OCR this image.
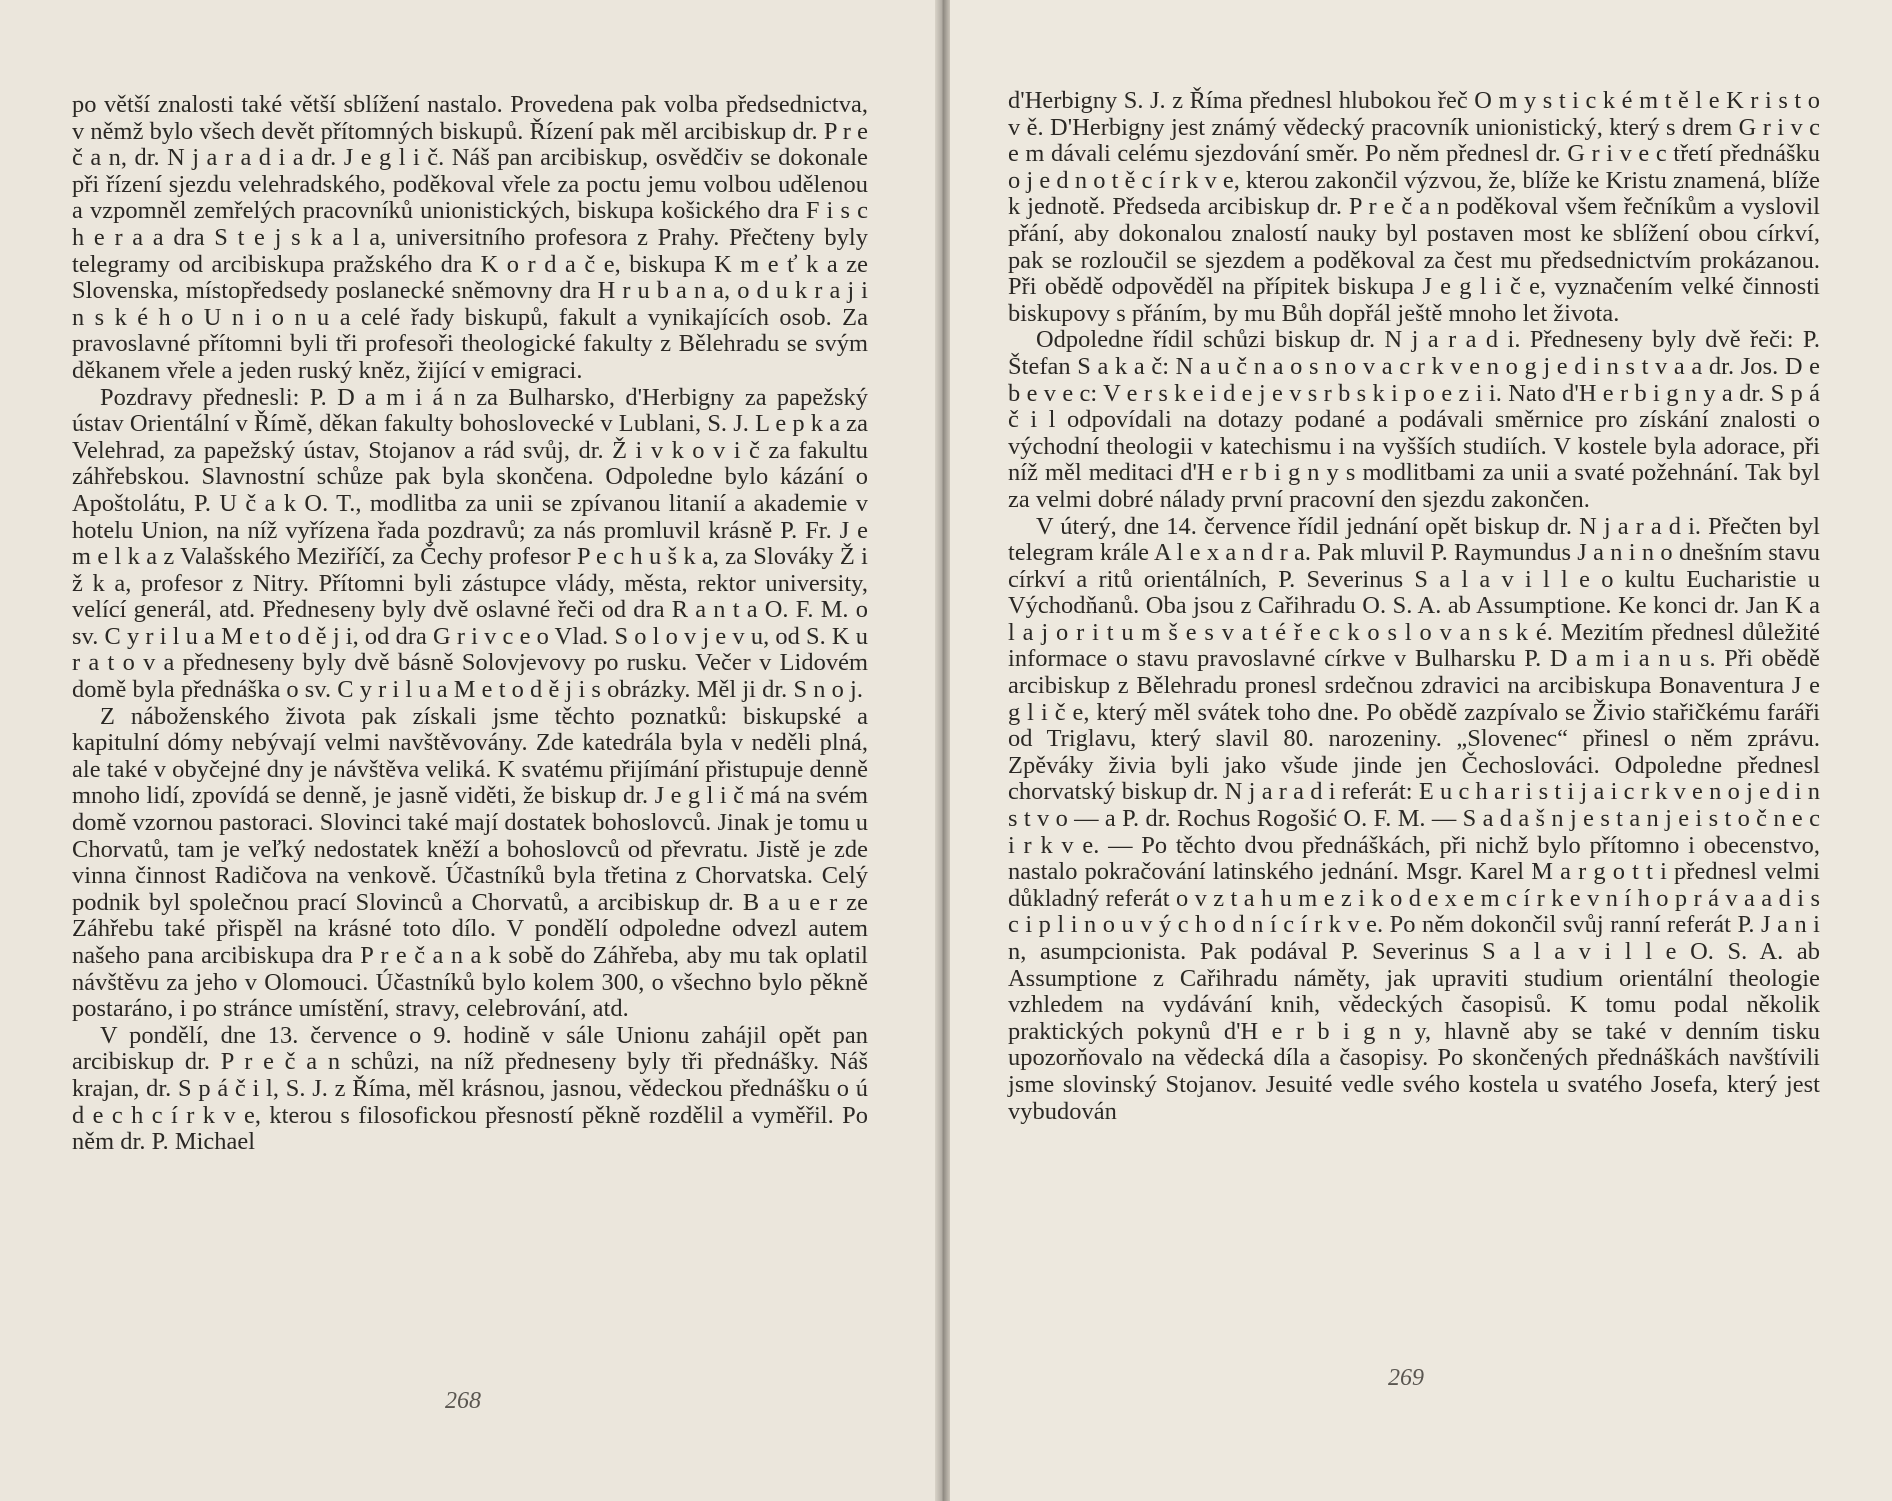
po větší znalosti také větší sblížení nastalo. Provedena pak volba předsednictva, v němž bylo všech devět přítomných biskupů. Řízení pak měl arcibiskup dr. P r e č a n, dr. N j a r a d i a dr. J e g l i č. Náš pan arcibiskup, osvědčiv se dokonale při řízení sjezdu velehradského, poděkoval vřele za poctu jemu volbou udělenou a vzpomněl zemřelých pracovníků unionistických, biskupa košického dra F i s c h e r a a dra S t e j s k a l a, universitního profesora z Prahy. Přečteny byly telegramy od arcibiskupa pražského dra K o r d a č e, biskupa K m e ť k a ze Slovenska, místopředsedy poslanecké sněmovny dra H r u b a n a, o d u k r a j i n s k é h o U n i o n u a celé řady biskupů, fakult a vynikajících osob. Za pravoslavné přítomni byli tři profesoři theologické fakulty z Bělehradu se svým děkanem vřele a jeden ruský kněz, žijící v emigraci.

Pozdravy přednesli: P. D a m i á n za Bulharsko, d'Herbigny za papežský ústav Orientální v Římě, děkan fakulty bohoslovecké v Lublani, S. J. L e p k a za Velehrad, za papežský ústav, Stojanov a rád svůj, dr. Ž i v k o v i č za fakultu záhřebskou. Slavnostní schůze pak byla skončena. Odpoledne bylo kázání o Apoštolátu, P. U č a k O. T., modlitba za unii se zpívanou litanií a akademie v hotelu Union, na níž vyřízena řada pozdravů; za nás promluvil krásně P. Fr. J e m e l k a z Valašského Meziříčí, za Čechy profesor P e c h u š k a, za Slováky Ž i ž k a, profesor z Nitry. Přítomni byli zástupce vlády, města, rektor university, velící generál, atd. Předneseny byly dvě oslavné řeči od dra R a n t a O. F. M. o sv. C y r i l u a M e t o d ě j i, od dra G r i v c e o Vlad. S o l o v j e v u, od S. K u r a t o v a předneseny byly dvě básně Solovjevovy po rusku. Večer v Lidovém domě byla přednáška o sv. C y r i l u a M e t o d ě j i s obrázky. Měl ji dr. S n o j.

Z náboženského života pak získali jsme těchto poznatků: biskupské a kapitulní dómy nebývají velmi navštěvovány. Zde katedrála byla v neděli plná, ale také v obyčejné dny je návštěva veliká. K svatému přijímání přistupuje denně mnoho lidí, zpovídá se denně, je jasně viděti, že biskup dr. J e g l i č má na svém domě vzornou pastoraci. Slovinci také mají dostatek bohoslovců. Jinak je tomu u Chorvatů, tam je veľký nedostatek kněží a bohoslovců od převratu. Jistě je zde vinna činnost Radičova na venkově. Účastníků byla třetina z Chorvatska. Celý podnik byl společnou prací Slovinců a Chorvatů, a arcibiskup dr. B a u e r ze Záhřebu také přispěl na krásné toto dílo. V pondělí odpoledne odvezl autem našeho pana arcibiskupa dra P r e č a n a k sobě do Záhřeba, aby mu tak oplatil návštěvu za jeho v Olomouci. Účastníků bylo kolem 300, o všechno bylo pěkně postaráno, i po stránce umístění, stravy, celebrování, atd.

V pondělí, dne 13. července o 9. hodině v sále Unionu zahájil opět pan arcibiskup dr. P r e č a n schůzi, na níž předneseny byly tři přednášky. Náš krajan, dr. S p á č i l, S. J. z Říma, měl krásnou, jasnou, vědeckou přednášku o ú d e c h c í r k v e, kterou s filosofickou přesností pěkně rozdělil a vyměřil. Po něm dr. P. Michael

268

d'Herbigny S. J. z Říma přednesl hlubokou řeč O m y s t i c k é m t ě l e K r i s t o v ě. D'Herbigny jest známý vědecký pracovník unionistický, který s drem G r i v c e m dávali celému sjezdování směr. Po něm přednesl dr. G r i v e c třetí přednášku o j e d n o t ě c í r k v e, kterou zakončil výzvou, že, blíže ke Kristu znamená, blíže k jednotě. Předseda arcibiskup dr. P r e č a n poděkoval všem řečníkům a vyslovil přání, aby dokonalou znalostí nauky byl postaven most ke sblížení obou církví, pak se rozloučil se sjezdem a poděkoval za čest mu předsednictvím prokázanou. Při obědě odpověděl na přípitek biskupa J e g l i č e, vyznačením velké činnosti biskupovy s přáním, by mu Bůh dopřál ještě mnoho let života.

Odpoledne řídil schůzi biskup dr. N j a r a d i. Předneseny byly dvě řeči: P. Štefan S a k a č: N a u č n a o s n o v a c r k v e n o g j e d i n s t v a a dr. Jos. D e b e v e c: V e r s k e i d e j e v s r b s k i p o e z i i. Nato d'H e r b i g n y a dr. S p á č i l odpovídali na dotazy podané a podávali směrnice pro získání znalosti o východní theologii v katechismu i na vyšších studiích. V kostele byla adorace, při níž měl meditaci d'H e r b i g n y s modlitbami za unii a svaté požehnání. Tak byl za velmi dobré nálady první pracovní den sjezdu zakončen.

V úterý, dne 14. července řídil jednání opět biskup dr. N j a r a d i. Přečten byl telegram krále A l e x a n d r a. Pak mluvil P. Raymundus J a n i n o dnešním stavu církví a ritů orientálních, P. Severinus S a l a v i l l e o kultu Eucharistie u Východňanů. Oba jsou z Cařihradu O. S. A. ab Assumptione. Ke konci dr. Jan K a l a j o r i t u m š e s v a t é ř e c k o s l o v a n s k é. Mezitím přednesl důležité informace o stavu pravoslavné církve v Bulharsku P. D a m i a n u s. Při obědě arcibiskup z Bělehradu pronesl srdečnou zdravici na arcibiskupa Bonaventura J e g l i č e, který měl svátek toho dne. Po obědě zazpívalo se Živio stařičkému faráři od Triglavu, který slavil 80. narozeniny. „Slovenec“ přinesl o něm zprávu. Zpěváky živia byli jako všude jinde jen Čechoslováci. Odpoledne přednesl chorvatský biskup dr. N j a r a d i referát: E u c h a r i s t i j a i c r k v e n o j e d i n s t v o — a P. dr. Rochus Rogošić O. F. M. — S a d a š n j e s t a n j e i s t o č n e c i r k v e. — Po těchto dvou přednáškách, při nichž bylo přítomno i obecenstvo, nastalo pokračování latinského jednání. Msgr. Karel M a r g o t t i přednesl velmi důkladný referát o v z t a h u m e z i k o d e x e m c í r k e v n í h o p r á v a a d i s c i p l i n o u v ý c h o d n í c í r k v e. Po něm dokončil svůj ranní referát P. J a n i n, asumpcionista. Pak podával P. Severinus S a l a v i l l e O. S. A. ab Assumptione z Cařihradu náměty, jak upraviti studium orientální theologie vzhledem na vydávání knih, vědeckých časopisů. K tomu podal několik praktických pokynů d'H e r b i g n y, hlavně aby se také v denním tisku upozorňovalo na vědecká díla a časopisy. Po skončených přednáškách navštívili jsme slovinský Stojanov. Jesuité vedle svého kostela u svatého Josefa, který jest vybudován

269
